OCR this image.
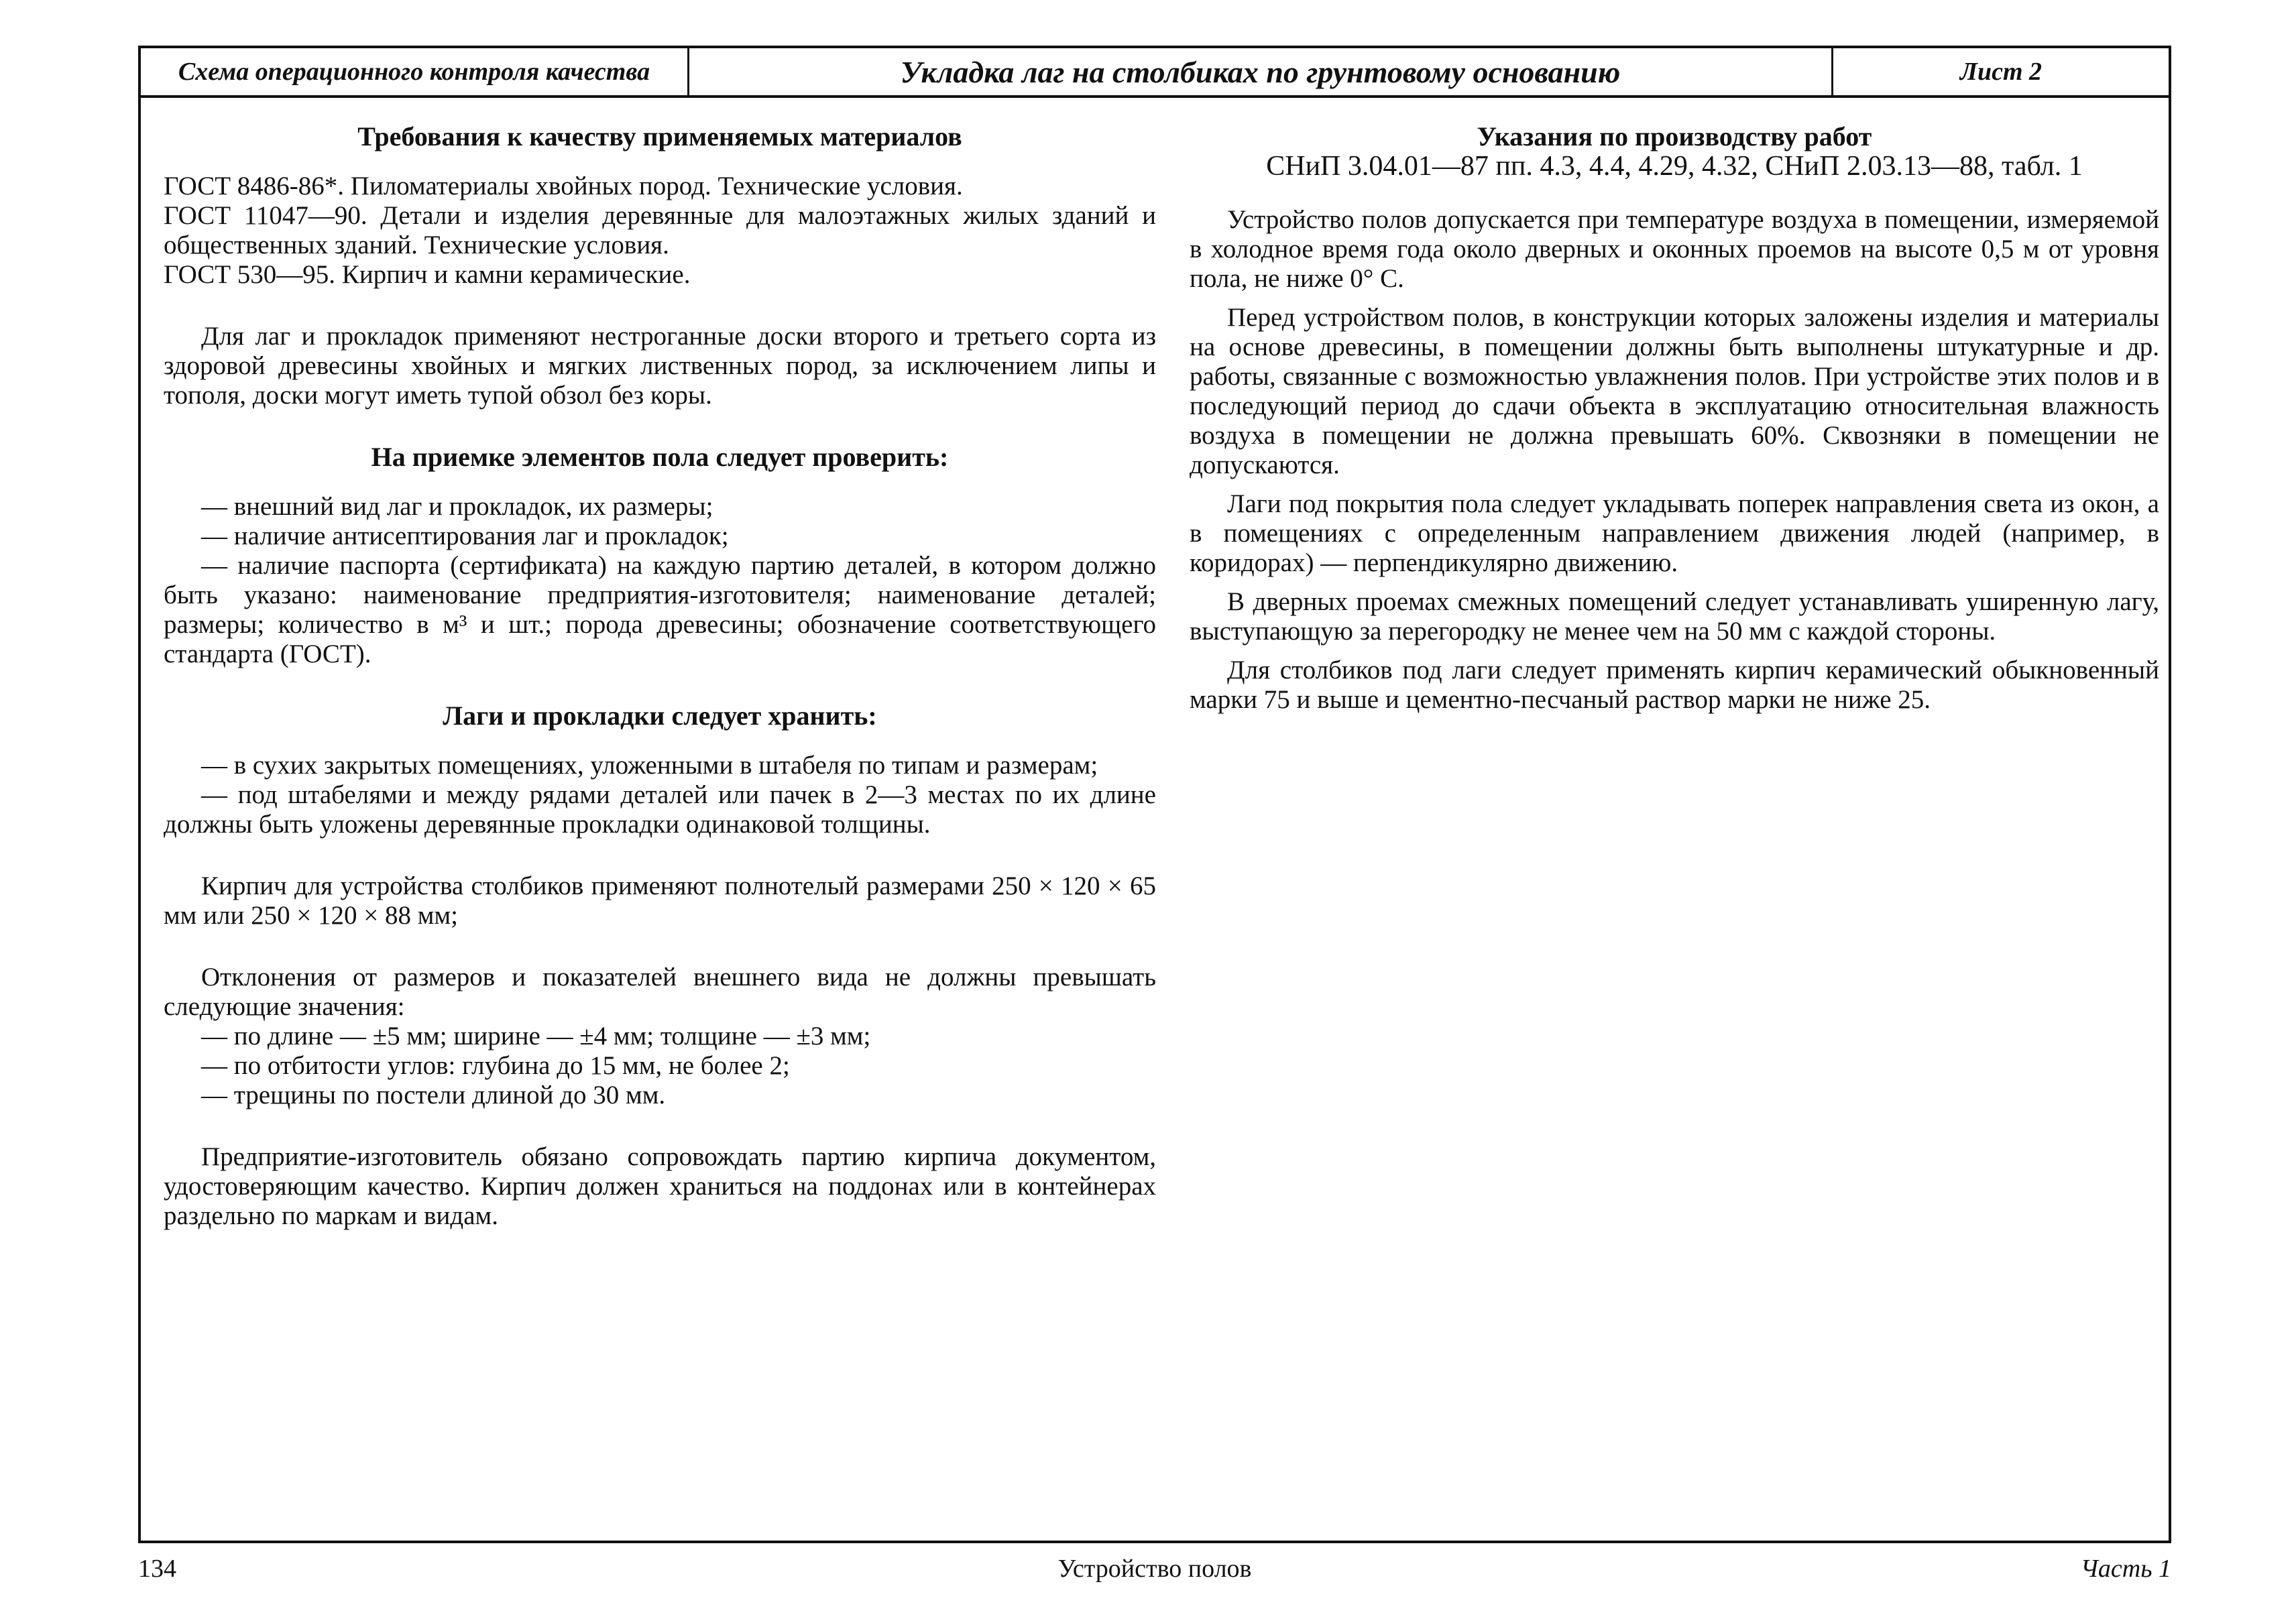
Схема операционного контроля качества	Укладка лаг на столбиках по грунтовому основанию	Лист 2
Требования к качеству применяемых материалов

ГОСТ 8486-86*. Пиломатериалы хвойных пород. Технические условия.

ГОСТ 11047—90. Детали и изделия деревянные для малоэтажных жилых зданий и общественных зданий. Технические условия.

ГОСТ 530—95. Кирпич и камни керамические.

Для лаг и прокладок применяют нестроганные доски второго и третьего сорта из здоровой древесины хвойных и мягких лиственных пород, за исключением липы и тополя, доски могут иметь тупой обзол без коры.

На приемке элементов пола следует проверить:

— внешний вид лаг и прокладок, их размеры;

— наличие антисептирования лаг и прокладок;

— наличие паспорта (сертификата) на каждую партию деталей, в котором должно быть указано: наименование предприятия-изготовителя; наименование деталей; размеры; количество в м³ и шт.; порода древесины; обозначение соответствующего стандарта (ГОСТ).

Лаги и прокладки следует хранить:

— в сухих закрытых помещениях, уложенными в штабеля по типам и размерам;

— под штабелями и между рядами деталей или пачек в 2—3 местах по их длине должны быть уложены деревянные прокладки одинаковой толщины.

Кирпич для устройства столбиков применяют полнотелый размерами 250 × 120 × 65 мм или 250 × 120 × 88 мм;

Отклонения от размеров и показателей внешнего вида не должны превышать следующие значения:

— по длине — ±5 мм; ширине — ±4 мм; толщине — ±3 мм;

— по отбитости углов: глубина до 15 мм, не более 2;

— трещины по постели длиной до 30 мм.

Предприятие-изготовитель обязано сопровождать партию кирпича документом, удостоверяющим качество. Кирпич должен храниться на поддонах или в контейнерах раздельно по маркам и видам.

Указания по производству работ
СНиП 3.04.01—87 пп. 4.3, 4.4, 4.29, 4.32, СНиП 2.03.13—88, табл. 1

Устройство полов допускается при температуре воздуха в помещении, измеряемой в холодное время года около дверных и оконных проемов на высоте 0,5 м от уровня пола, не ниже 0° С.

Перед устройством полов, в конструкции которых заложены изделия и материалы на основе древесины, в помещении должны быть выполнены штукатурные и др. работы, связанные с возможностью увлажнения полов. При устройстве этих полов и в последующий период до сдачи объекта в эксплуатацию относительная влажность воздуха в помещении не должна превышать 60%. Сквозняки в помещении не допускаются.

Лаги под покрытия пола следует укладывать поперек направления света из окон, а в помещениях с определенным направлением движения людей (например, в коридорах) — перпендикулярно движению.

В дверных проемах смежных помещений следует устанавливать уширенную лагу, выступающую за перегородку не менее чем на 50 мм с каждой стороны.

Для столбиков под лаги следует применять кирпич керамический обыкновенный марки 75 и выше и цементно-песчаный раствор марки не ниже 25.

134	Устройство полов	Часть 1
